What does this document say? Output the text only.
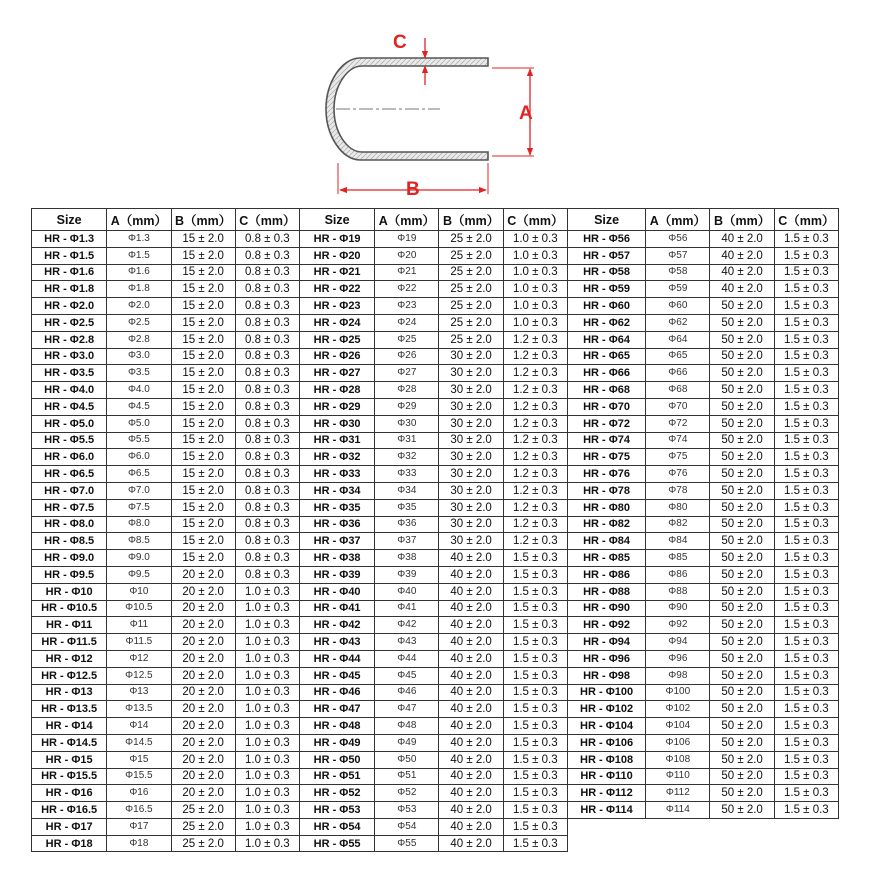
C
A
B
Size	A（mm）	B（mm）	C（mm）	Size	A（mm）	B（mm）	C（mm）	Size	A（mm）	B（mm）	C（mm）
HR - Φ1.3	Φ1.3	15 ± 2.0	0.8 ± 0.3	HR - Φ19	Φ19	25 ± 2.0	1.0 ± 0.3	HR - Φ56	Φ56	40 ± 2.0	1.5 ± 0.3
HR - Φ1.5	Φ1.5	15 ± 2.0	0.8 ± 0.3	HR - Φ20	Φ20	25 ± 2.0	1.0 ± 0.3	HR - Φ57	Φ57	40 ± 2.0	1.5 ± 0.3
HR - Φ1.6	Φ1.6	15 ± 2.0	0.8 ± 0.3	HR - Φ21	Φ21	25 ± 2.0	1.0 ± 0.3	HR - Φ58	Φ58	40 ± 2.0	1.5 ± 0.3
HR - Φ1.8	Φ1.8	15 ± 2.0	0.8 ± 0.3	HR - Φ22	Φ22	25 ± 2.0	1.0 ± 0.3	HR - Φ59	Φ59	40 ± 2.0	1.5 ± 0.3
HR - Φ2.0	Φ2.0	15 ± 2.0	0.8 ± 0.3	HR - Φ23	Φ23	25 ± 2.0	1.0 ± 0.3	HR - Φ60	Φ60	50 ± 2.0	1.5 ± 0.3
HR - Φ2.5	Φ2.5	15 ± 2.0	0.8 ± 0.3	HR - Φ24	Φ24	25 ± 2.0	1.0 ± 0.3	HR - Φ62	Φ62	50 ± 2.0	1.5 ± 0.3
HR - Φ2.8	Φ2.8	15 ± 2.0	0.8 ± 0.3	HR - Φ25	Φ25	25 ± 2.0	1.2 ± 0.3	HR - Φ64	Φ64	50 ± 2.0	1.5 ± 0.3
HR - Φ3.0	Φ3.0	15 ± 2.0	0.8 ± 0.3	HR - Φ26	Φ26	30 ± 2.0	1.2 ± 0.3	HR - Φ65	Φ65	50 ± 2.0	1.5 ± 0.3
HR - Φ3.5	Φ3.5	15 ± 2.0	0.8 ± 0.3	HR - Φ27	Φ27	30 ± 2.0	1.2 ± 0.3	HR - Φ66	Φ66	50 ± 2.0	1.5 ± 0.3
HR - Φ4.0	Φ4.0	15 ± 2.0	0.8 ± 0.3	HR - Φ28	Φ28	30 ± 2.0	1.2 ± 0.3	HR - Φ68	Φ68	50 ± 2.0	1.5 ± 0.3
HR - Φ4.5	Φ4.5	15 ± 2.0	0.8 ± 0.3	HR - Φ29	Φ29	30 ± 2.0	1.2 ± 0.3	HR - Φ70	Φ70	50 ± 2.0	1.5 ± 0.3
HR - Φ5.0	Φ5.0	15 ± 2.0	0.8 ± 0.3	HR - Φ30	Φ30	30 ± 2.0	1.2 ± 0.3	HR - Φ72	Φ72	50 ± 2.0	1.5 ± 0.3
HR - Φ5.5	Φ5.5	15 ± 2.0	0.8 ± 0.3	HR - Φ31	Φ31	30 ± 2.0	1.2 ± 0.3	HR - Φ74	Φ74	50 ± 2.0	1.5 ± 0.3
HR - Φ6.0	Φ6.0	15 ± 2.0	0.8 ± 0.3	HR - Φ32	Φ32	30 ± 2.0	1.2 ± 0.3	HR - Φ75	Φ75	50 ± 2.0	1.5 ± 0.3
HR - Φ6.5	Φ6.5	15 ± 2.0	0.8 ± 0.3	HR - Φ33	Φ33	30 ± 2.0	1.2 ± 0.3	HR - Φ76	Φ76	50 ± 2.0	1.5 ± 0.3
HR - Φ7.0	Φ7.0	15 ± 2.0	0.8 ± 0.3	HR - Φ34	Φ34	30 ± 2.0	1.2 ± 0.3	HR - Φ78	Φ78	50 ± 2.0	1.5 ± 0.3
HR - Φ7.5	Φ7.5	15 ± 2.0	0.8 ± 0.3	HR - Φ35	Φ35	30 ± 2.0	1.2 ± 0.3	HR - Φ80	Φ80	50 ± 2.0	1.5 ± 0.3
HR - Φ8.0	Φ8.0	15 ± 2.0	0.8 ± 0.3	HR - Φ36	Φ36	30 ± 2.0	1.2 ± 0.3	HR - Φ82	Φ82	50 ± 2.0	1.5 ± 0.3
HR - Φ8.5	Φ8.5	15 ± 2.0	0.8 ± 0.3	HR - Φ37	Φ37	30 ± 2.0	1.2 ± 0.3	HR - Φ84	Φ84	50 ± 2.0	1.5 ± 0.3
HR - Φ9.0	Φ9.0	15 ± 2.0	0.8 ± 0.3	HR - Φ38	Φ38	40 ± 2.0	1.5 ± 0.3	HR - Φ85	Φ85	50 ± 2.0	1.5 ± 0.3
HR - Φ9.5	Φ9.5	20 ± 2.0	0.8 ± 0.3	HR - Φ39	Φ39	40 ± 2.0	1.5 ± 0.3	HR - Φ86	Φ86	50 ± 2.0	1.5 ± 0.3
HR - Φ10	Φ10	20 ± 2.0	1.0 ± 0.3	HR - Φ40	Φ40	40 ± 2.0	1.5 ± 0.3	HR - Φ88	Φ88	50 ± 2.0	1.5 ± 0.3
HR - Φ10.5	Φ10.5	20 ± 2.0	1.0 ± 0.3	HR - Φ41	Φ41	40 ± 2.0	1.5 ± 0.3	HR - Φ90	Φ90	50 ± 2.0	1.5 ± 0.3
HR - Φ11	Φ11	20 ± 2.0	1.0 ± 0.3	HR - Φ42	Φ42	40 ± 2.0	1.5 ± 0.3	HR - Φ92	Φ92	50 ± 2.0	1.5 ± 0.3
HR - Φ11.5	Φ11.5	20 ± 2.0	1.0 ± 0.3	HR - Φ43	Φ43	40 ± 2.0	1.5 ± 0.3	HR - Φ94	Φ94	50 ± 2.0	1.5 ± 0.3
HR - Φ12	Φ12	20 ± 2.0	1.0 ± 0.3	HR - Φ44	Φ44	40 ± 2.0	1.5 ± 0.3	HR - Φ96	Φ96	50 ± 2.0	1.5 ± 0.3
HR - Φ12.5	Φ12.5	20 ± 2.0	1.0 ± 0.3	HR - Φ45	Φ45	40 ± 2.0	1.5 ± 0.3	HR - Φ98	Φ98	50 ± 2.0	1.5 ± 0.3
HR - Φ13	Φ13	20 ± 2.0	1.0 ± 0.3	HR - Φ46	Φ46	40 ± 2.0	1.5 ± 0.3	HR - Φ100	Φ100	50 ± 2.0	1.5 ± 0.3
HR - Φ13.5	Φ13.5	20 ± 2.0	1.0 ± 0.3	HR - Φ47	Φ47	40 ± 2.0	1.5 ± 0.3	HR - Φ102	Φ102	50 ± 2.0	1.5 ± 0.3
HR - Φ14	Φ14	20 ± 2.0	1.0 ± 0.3	HR - Φ48	Φ48	40 ± 2.0	1.5 ± 0.3	HR - Φ104	Φ104	50 ± 2.0	1.5 ± 0.3
HR - Φ14.5	Φ14.5	20 ± 2.0	1.0 ± 0.3	HR - Φ49	Φ49	40 ± 2.0	1.5 ± 0.3	HR - Φ106	Φ106	50 ± 2.0	1.5 ± 0.3
HR - Φ15	Φ15	20 ± 2.0	1.0 ± 0.3	HR - Φ50	Φ50	40 ± 2.0	1.5 ± 0.3	HR - Φ108	Φ108	50 ± 2.0	1.5 ± 0.3
HR - Φ15.5	Φ15.5	20 ± 2.0	1.0 ± 0.3	HR - Φ51	Φ51	40 ± 2.0	1.5 ± 0.3	HR - Φ110	Φ110	50 ± 2.0	1.5 ± 0.3
HR - Φ16	Φ16	20 ± 2.0	1.0 ± 0.3	HR - Φ52	Φ52	40 ± 2.0	1.5 ± 0.3	HR - Φ112	Φ112	50 ± 2.0	1.5 ± 0.3
HR - Φ16.5	Φ16.5	25 ± 2.0	1.0 ± 0.3	HR - Φ53	Φ53	40 ± 2.0	1.5 ± 0.3	HR - Φ114	Φ114	50 ± 2.0	1.5 ± 0.3
HR - Φ17	Φ17	25 ± 2.0	1.0 ± 0.3	HR - Φ54	Φ54	40 ± 2.0	1.5 ± 0.3				
HR - Φ18	Φ18	25 ± 2.0	1.0 ± 0.3	HR - Φ55	Φ55	40 ± 2.0	1.5 ± 0.3				
